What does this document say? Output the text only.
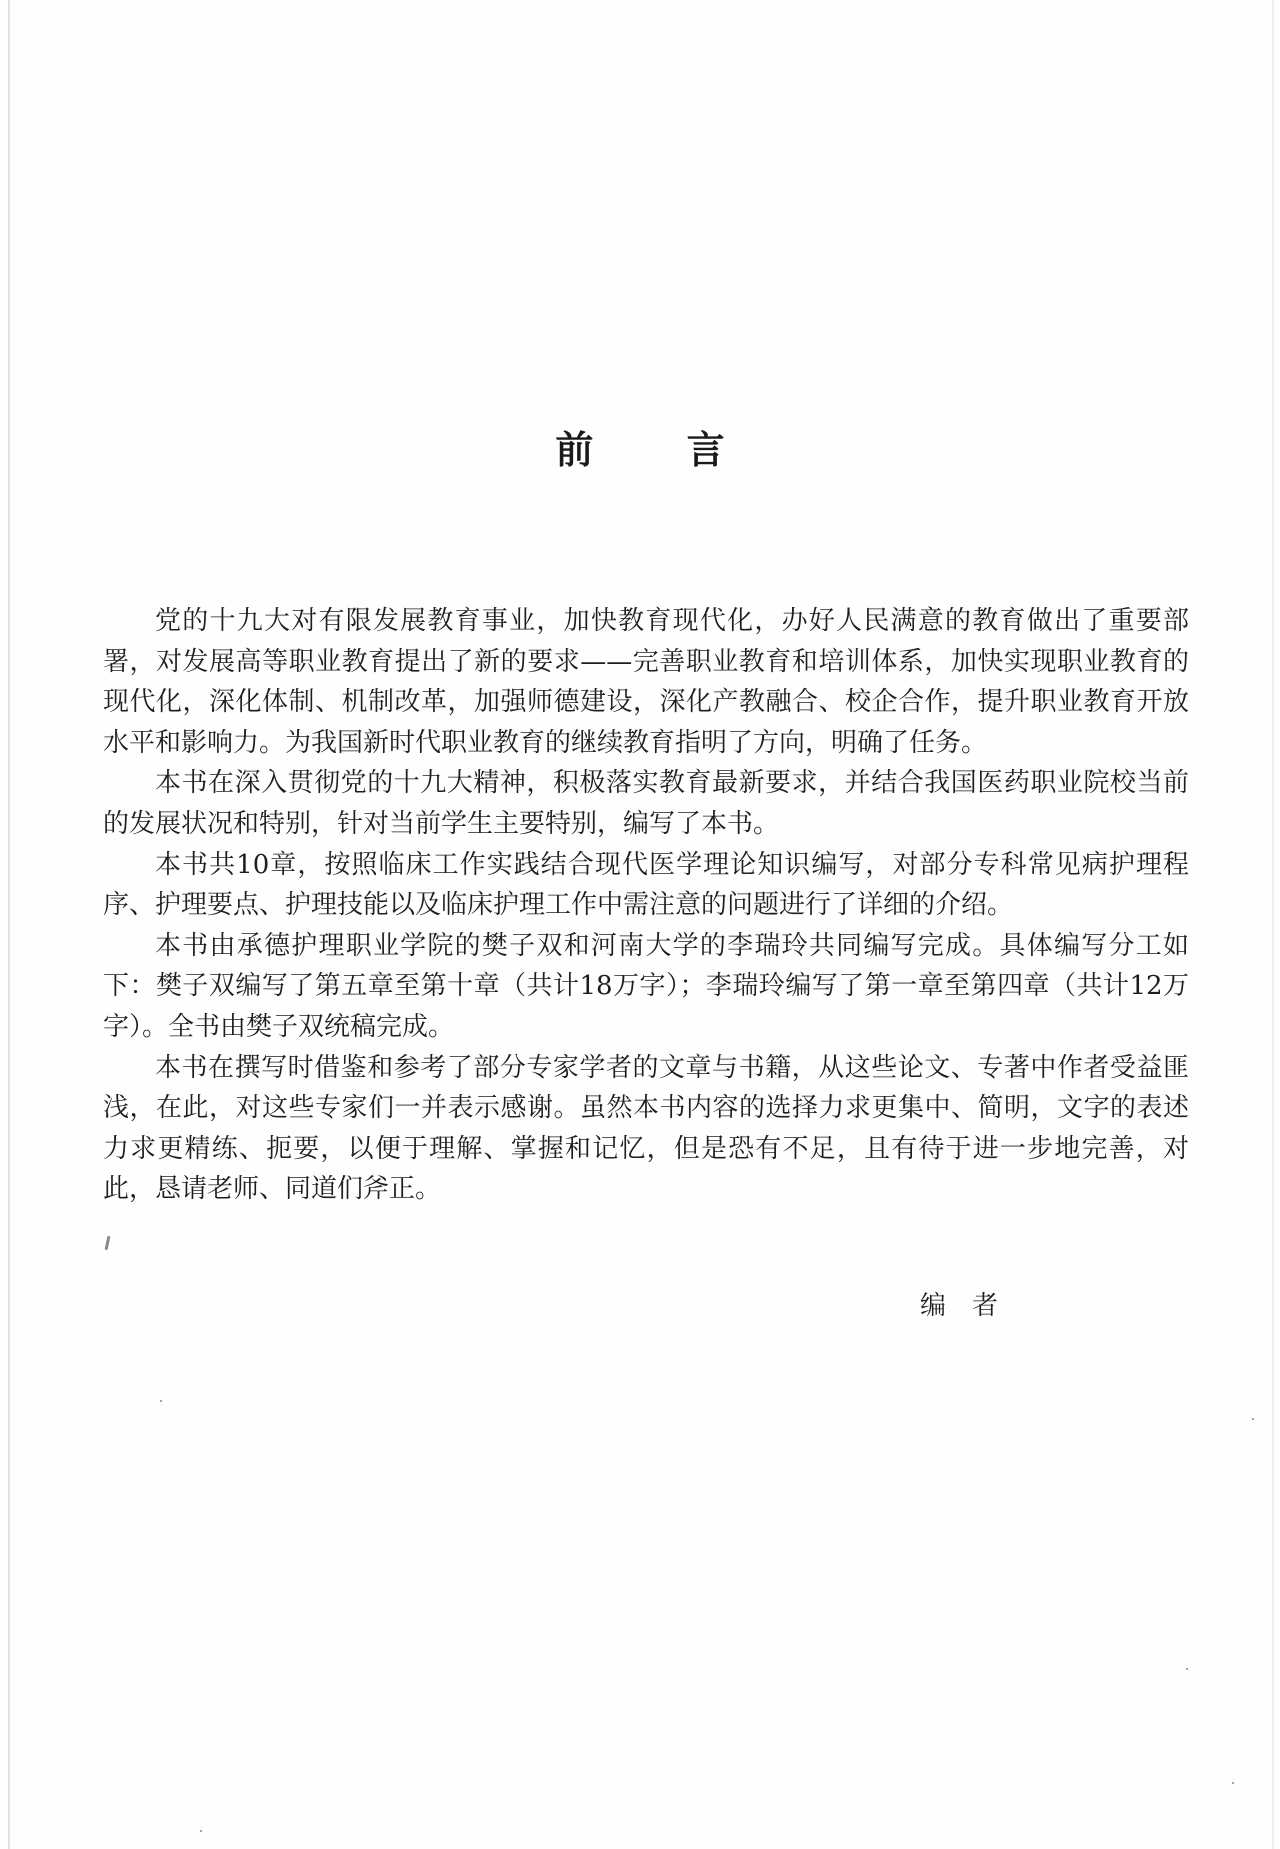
前 言

党的十九大对有限发展教育事业，加快教育现代化，办好人民满意的教育做出了重要部署，对发展高等职业教育提出了新的要求——完善职业教育和培训体系，加快实现职业教育的现代化，深化体制、机制改革，加强师德建设，深化产教融合、校企合作，提升职业教育开放水平和影响力。为我国新时代职业教育的继续教育指明了方向，明确了任务。

本书在深入贯彻党的十九大精神，积极落实教育最新要求，并结合我国医药职业院校当前的发展状况和特别，针对当前学生主要特别，编写了本书。

本书共10章，按照临床工作实践结合现代医学理论知识编写，对部分专科常见病护理程序、护理要点、护理技能以及临床护理工作中需注意的问题进行了详细的介绍。

本书由承德护理职业学院的樊子双和河南大学的李瑞玲共同编写完成。具体编写分工如下：樊子双编写了第五章至第十章（共计18万字）；李瑞玲编写了第一章至第四章（共计12万字）。全书由樊子双统稿完成。

本书在撰写时借鉴和参考了部分专家学者的文章与书籍，从这些论文、专著中作者受益匪浅，在此，对这些专家们一并表示感谢。虽然本书内容的选择力求更集中、简明，文字的表述力求更精练、扼要，以便于理解、掌握和记忆，但是恐有不足，且有待于进一步地完善，对此，恳请老师、同道们斧正。

编者
